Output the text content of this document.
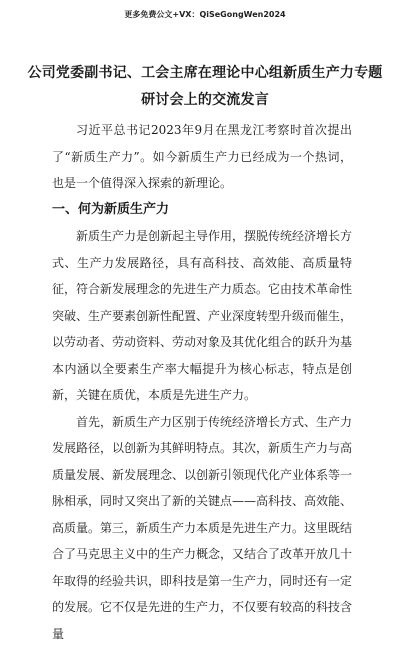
更多免费公文+VX：QiSeGongWen2024
公司党委副书记、工会主席在理论中心组新质生产力专题
研讨会上的交流发言

习近平总书记2023年9月在黑龙江考察时首次提出了“新质生产力”。如今新质生产力已经成为一个热词，也是一个值得深入探索的新理论。

一、何为新质生产力

新质生产力是创新起主导作用，摆脱传统经济增长方式、生产力发展路径，具有高科技、高效能、高质量特征，符合新发展理念的先进生产力质态。它由技术革命性突破、生产要素创新性配置、产业深度转型升级而催生，以劳动者、劳动资料、劳动对象及其优化组合的跃升为基本内涵以全要素生产率大幅提升为核心标志，特点是创新，关键在质优，本质是先进生产力。

首先，新质生产力区别于传统经济增长方式、生产力发展路径，以创新为其鲜明特点。其次，新质生产力与高质量发展、新发展理念、以创新引领现代化产业体系等一脉相承，同时又突出了新的关键点——高科技、高效能、高质量。第三，新质生产力本质是先进生产力。这里既结合了马克思主义中的生产力概念，又结合了改革开放几十年取得的经验共识，即科技是第一生产力，同时还有一定的发展。它不仅是先进的生产力，不仅要有较高的科技含量
